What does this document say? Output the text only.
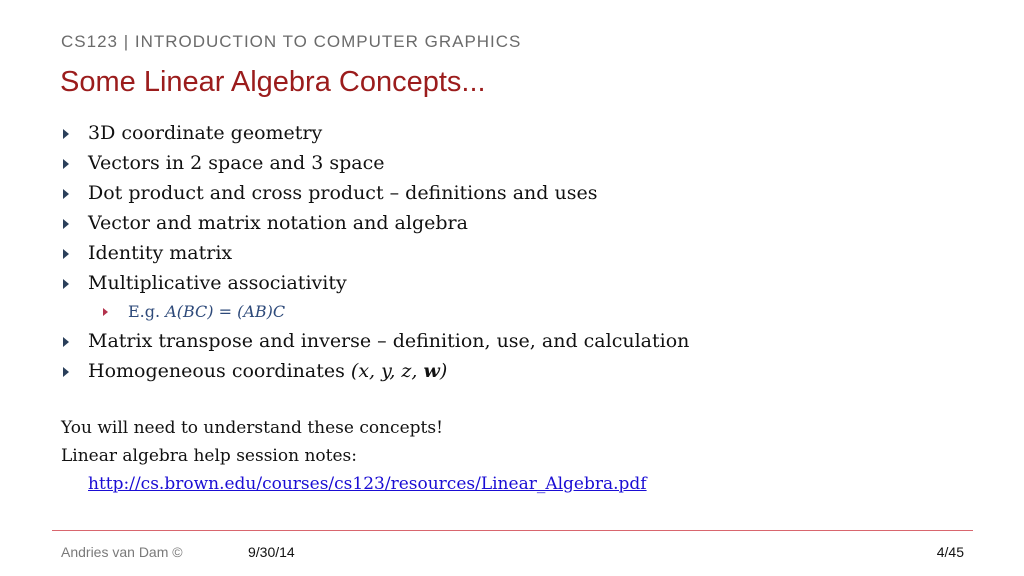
CS123 | INTRODUCTION TO COMPUTER GRAPHICS
Some Linear Algebra Concepts...
3D coordinate geometry
Vectors in 2 space and 3 space
Dot product and cross product – definitions and uses
Vector and matrix notation and algebra
Identity matrix
Multiplicative associativity
E.g. A(BC) = (AB)C
Matrix transpose and inverse – definition, use, and calculation
Homogeneous coordinates (x, y, z, w)
You will need to understand these concepts!
Linear algebra help session notes:
http://cs.brown.edu/courses/cs123/resources/Linear_Algebra.pdf
Andries van Dam ©	9/30/14	4/45
